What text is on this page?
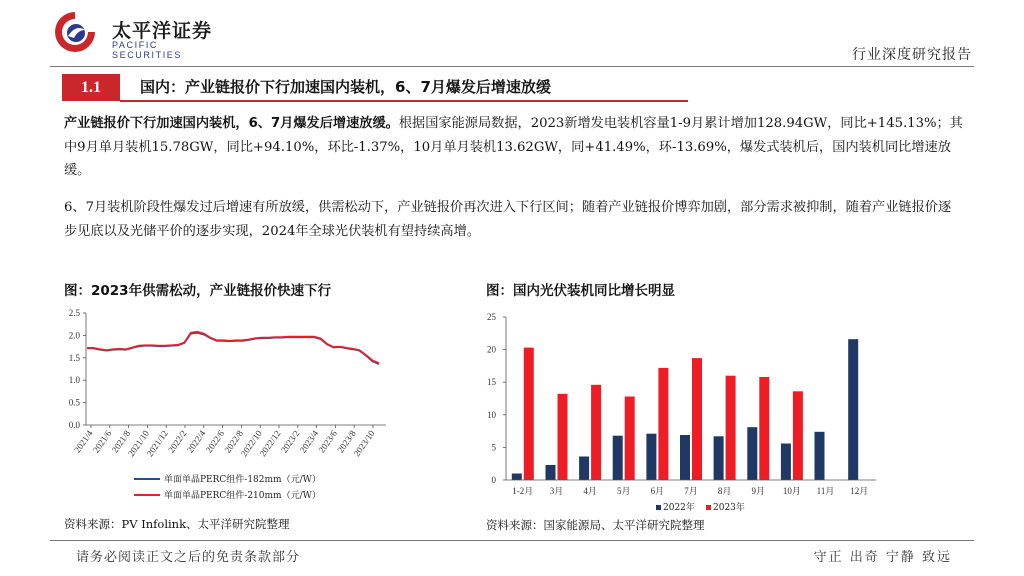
太平洋证券
PACIFIC SECURITIES	行业深度研究报告
1.1	国内：产业链报价下行加速国内装机，6、7月爆发后增速放缓
产业链报价下行加速国内装机，6、7月爆发后增速放缓。根据国家能源局数据，2023新增发电装机容量1-9月累计增加128.94GW，同比+145.13%；其中9月单月装机15.78GW，同比+94.10%，环比-1.37%，10月单月装机13.62GW，同+41.49%，环-13.69%，爆发式装机后，国内装机同比增速放缓。
6、7月装机阶段性爆发过后增速有所放缓，供需松动下，产业链报价再次进入下行区间；随着产业链报价博弈加剧，部分需求被抑制，随着产业链报价逐步见底以及光储平价的逐步实现，2024年全球光伏装机有望持续高增。
图：2023年供需松动，产业链报价快速下行	图：国内光伏装机同比增长明显
0.0
0.5
1.0
1.5
2.0
2.5
2021/4
2021/6
2021/8
2021/10
2021/12
2022/2
2022/4
2022/6
2022/8
2022/10
2022/12
2023/2
2023/4
2023/6
2023/8
2023/10
单面单晶PERC组件-182mm（元/W）
单面单晶PERC组件-210mm（元/W）
0
5
10
15
20
25
1-2月 3月 4月 5月 6月 7月 8月 9月 10月 11月 12月
2022年 2023年
资料来源：PV Infolink、太平洋研究院整理	资料来源：国家能源局、太平洋研究院整理
请务必阅读正文之后的免责条款部分	守正 出奇 宁静 致远
